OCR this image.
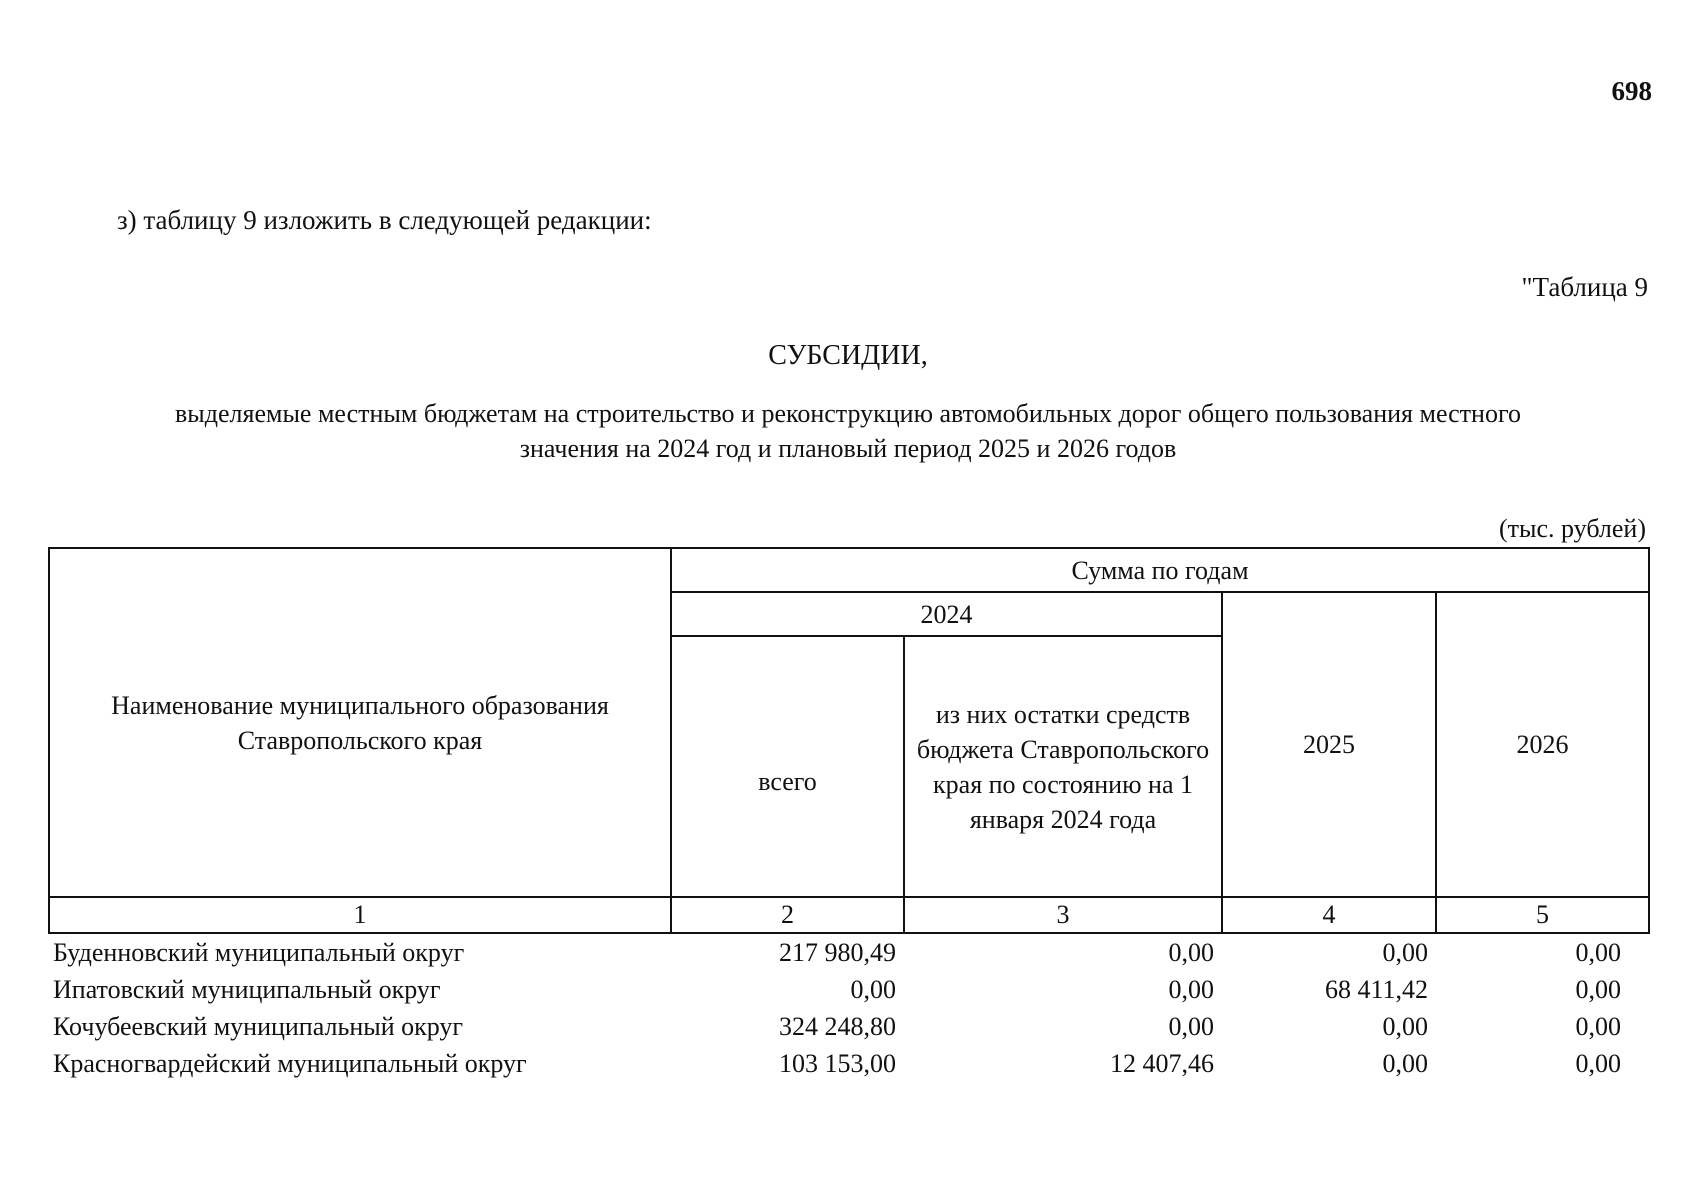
698
з) таблицу 9 изложить в следующей редакции:
"Таблица 9
СУБСИДИИ,
выделяемые местным бюджетам на строительство и реконструкцию автомобильных дорог общего пользования местного
значения на 2024 год и плановый период 2025 и 2026 годов
(тыс. рублей)
Наименование муниципального образования Ставропольского края	Сумма по годам			
	2024		2025	2026
	всего	из них остатки средств бюджета Ставропольского края по состоянию на 1 января 2024 года		
1	2	3	4	5
Буденновский муниципальный округ	217 980,49	0,00	0,00	0,00
Ипатовский муниципальный округ	0,00	0,00	68 411,42	0,00
Кочубеевский муниципальный округ	324 248,80	0,00	0,00	0,00
Красногвардейский муниципальный округ	103 153,00	12 407,46	0,00	0,00
